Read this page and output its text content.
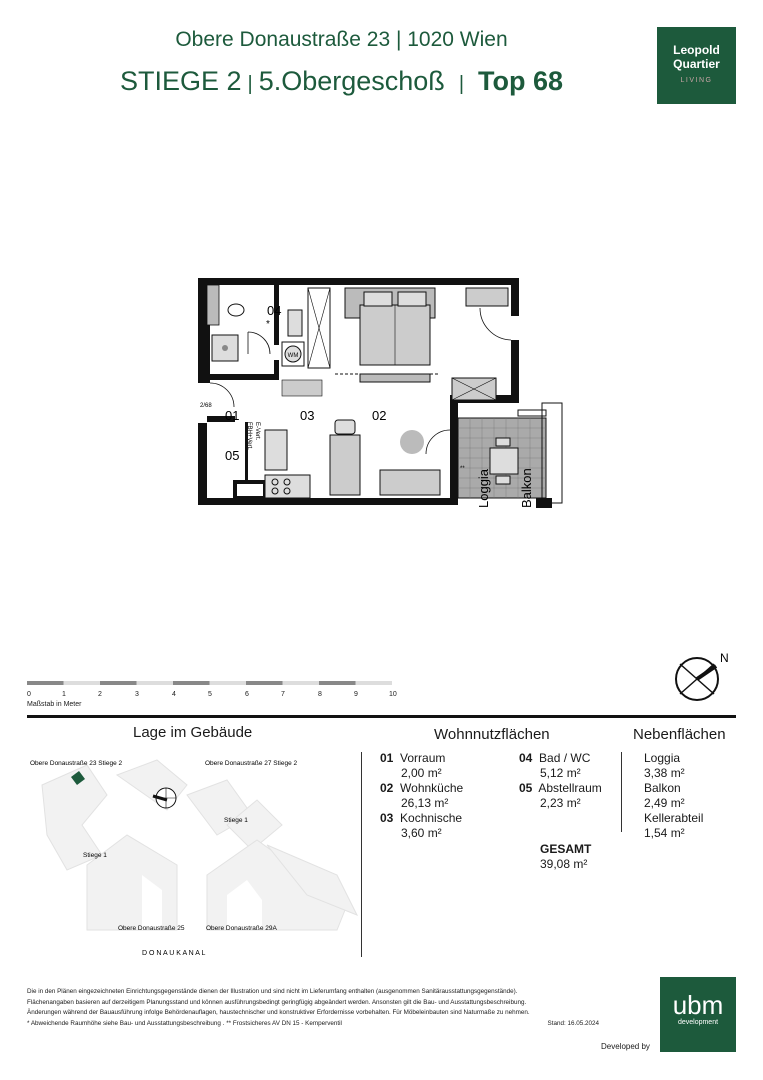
Obere Donaustraße 23 | 1020 Wien
STIEGE 2 | 5.Obergeschoß | Top 68
Leopold
Quartier
LIVING
WM
04
*
01	03	02
05
2/68
**
E-Vert.
FBH+Vert.
Loggia Balkon
0	1	2	3	4	5	6	7	8	9	10
Maßstab in Meter
N
Lage im Gebäude
Obere Donaustraße 23 Stiege 2	Obere Donaustraße 27 Stiege 2
Stiege 1
Stiege 1
Obere Donaustraße 25	Obere Donaustraße 29A
D O N A U K A N A L
Wohnnutzflächen
01 Vorraum
2,00 m²
02 Wohnküche
26,13 m²
03 Kochnische
3,60 m²
04 Bad / WC
5,12 m²
05 Abstellraum
2,23 m²
GESAMT
39,08 m²
Nebenflächen
Loggia
3,38 m²
Balkon
2,49 m²
Kellerabteil
1,54 m²
Die in den Plänen eingezeichneten Einrichtungsgegenstände dienen der Illustration und sind nicht im Lieferumfang enthalten (ausgenommen Sanitärausstattungsgegenstände).
Flächenangaben basieren auf derzeitigem Planungsstand und können ausführungsbedingt geringfügig abgeändert werden. Ansonsten gilt die Bau- und Ausstattungsbeschreibung.
Änderungen während der Bauausführung infolge Behördenauflagen, haustechnischer und konstruktiver Erfordernisse vorbehalten. Für Möbeleinbauten sind Naturmaße zu nehmen.
* Abweichende Raumhöhe siehe Bau- und Ausstattungsbeschreibung . ** Frostsicheres AV DN 15 - Kemperventil	Stand: 16.05.2024
Developed by
ubm
development
